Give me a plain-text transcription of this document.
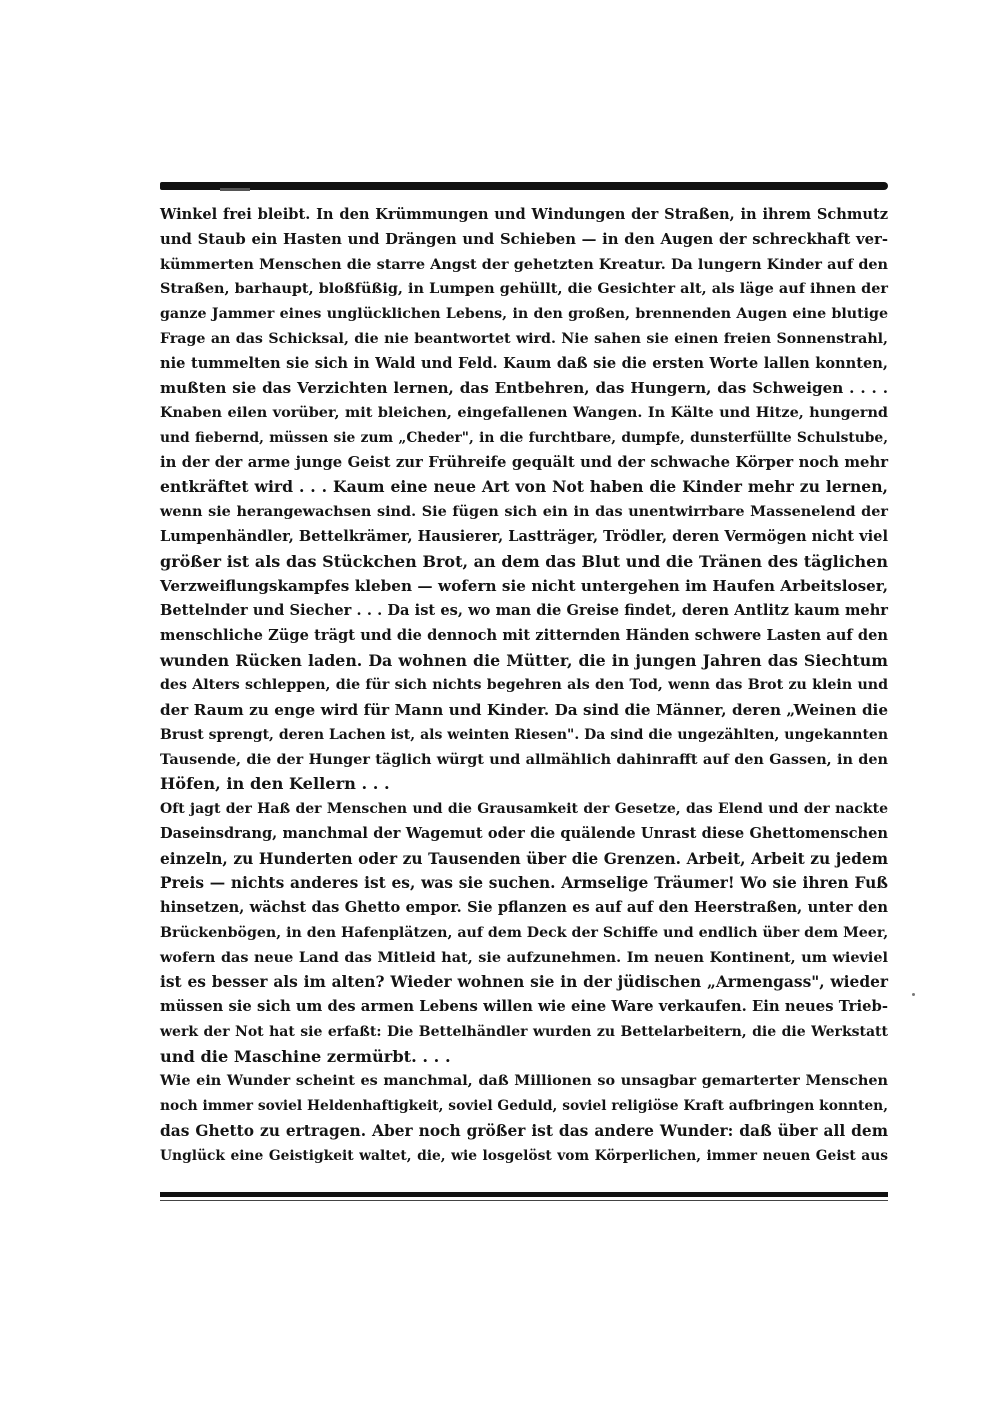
Winkel frei bleibt. In den Krümmungen und Windungen der Straßen, in ihrem Schmutz
und Staub ein Hasten und Drängen und Schieben — in den Augen der schreckhaft ver-
kümmerten Menschen die starre Angst der gehetzten Kreatur. Da lungern Kinder auf den
Straßen, barhaupt, bloßfüßig, in Lumpen gehüllt, die Gesichter alt, als läge auf ihnen der
ganze Jammer eines unglücklichen Lebens, in den großen, brennenden Augen eine blutige
Frage an das Schicksal, die nie beantwortet wird. Nie sahen sie einen freien Sonnenstrahl,
nie tummelten sie sich in Wald und Feld. Kaum daß sie die ersten Worte lallen konnten,
mußten sie das Verzichten lernen, das Entbehren, das Hungern, das Schweigen . . . .
Knaben eilen vorüber, mit bleichen, eingefallenen Wangen. In Kälte und Hitze, hungernd
und fiebernd, müssen sie zum „Cheder", in die furchtbare, dumpfe, dunsterfüllte Schulstube,
in der der arme junge Geist zur Frühreife gequält und der schwache Körper noch mehr
entkräftet wird . . . Kaum eine neue Art von Not haben die Kinder mehr zu lernen,
wenn sie herangewachsen sind. Sie fügen sich ein in das unentwirrbare Massenelend der
Lumpenhändler, Bettelkrämer, Hausierer, Lastträger, Trödler, deren Vermögen nicht viel
größer ist als das Stückchen Brot, an dem das Blut und die Tränen des täglichen
Verzweiflungskampfes kleben — wofern sie nicht untergehen im Haufen Arbeitsloser,
Bettelnder und Siecher . . . Da ist es, wo man die Greise findet, deren Antlitz kaum mehr
menschliche Züge trägt und die dennoch mit zitternden Händen schwere Lasten auf den
wunden Rücken laden. Da wohnen die Mütter, die in jungen Jahren das Siechtum
des Alters schleppen, die für sich nichts begehren als den Tod, wenn das Brot zu klein und
der Raum zu enge wird für Mann und Kinder. Da sind die Männer, deren „Weinen die
Brust sprengt, deren Lachen ist, als weinten Riesen". Da sind die ungezählten, ungekannten
Tausende, die der Hunger täglich würgt und allmählich dahinrafft auf den Gassen, in den
Höfen, in den Kellern . . .
Oft jagt der Haß der Menschen und die Grausamkeit der Gesetze, das Elend und der nackte
Daseinsdrang, manchmal der Wagemut oder die quälende Unrast diese Ghettomenschen
einzeln, zu Hunderten oder zu Tausenden über die Grenzen. Arbeit, Arbeit zu jedem
Preis — nichts anderes ist es, was sie suchen. Armselige Träumer! Wo sie ihren Fuß
hinsetzen, wächst das Ghetto empor. Sie pflanzen es auf auf den Heerstraßen, unter den
Brückenbögen, in den Hafenplätzen, auf dem Deck der Schiffe und endlich über dem Meer,
wofern das neue Land das Mitleid hat, sie aufzunehmen. Im neuen Kontinent, um wieviel
ist es besser als im alten? Wieder wohnen sie in der jüdischen „Armengass", wieder
müssen sie sich um des armen Lebens willen wie eine Ware verkaufen. Ein neues Trieb-
werk der Not hat sie erfaßt: Die Bettelhändler wurden zu Bettelarbeitern, die die Werkstatt
und die Maschine zermürbt. . . .
Wie ein Wunder scheint es manchmal, daß Millionen so unsagbar gemarterter Menschen
noch immer soviel Heldenhaftigkeit, soviel Geduld, soviel religiöse Kraft aufbringen konnten,
das Ghetto zu ertragen. Aber noch größer ist das andere Wunder: daß über all dem
Unglück eine Geistigkeit waltet, die, wie losgelöst vom Körperlichen, immer neuen Geist aus
